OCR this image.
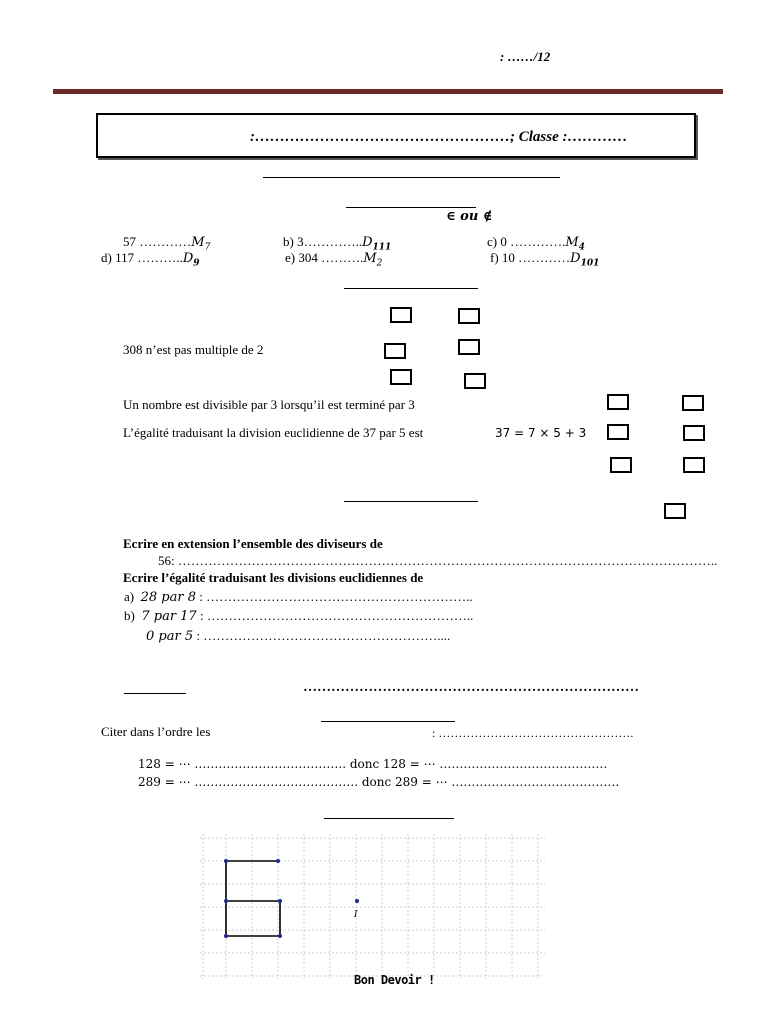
: ……/12
:……………………………………………; Classe :…………
∈ ou ∉
57 $\dots\dots\dots\dots M_7$	b) $3\dots\dots\dots\dots..D_{111}$	c) 0 $\dots\dots\dots\dots.M_4$
d) 117 $\dots\dots\dots..D_9$	e) 304 $\dots\dots\dots.M_2$	f) 10 $\dots\dots\dots\dots D_{101}$
308 n’est pas multiple de 2
Un nombre est divisible par 3 lorsqu’il est terminé par 3
L’égalité traduisant la division euclidienne de 37 par 5 est	37 = 7 × 5 + 3
Ecrire en extension l’ensemble des diviseurs de
56: ……………………………………………………………………………………………………………..
Ecrire l’égalité traduisant les divisions euclidiennes de
a) 28 par 8 : ……………………………………………………..
b) 7 par 17 : ……………………………………………………..
0 par 5 : ………………………………………………....
………………………………………………………………
Citer dans l’ordre les	: ………………………………………….
128 = ⋯ ……………………………….. donc 128 = ⋯ ……………………………………
289 = ⋯ ………………………………….. donc 289 = ⋯ ……………………………………
I
Bon Devoir !
